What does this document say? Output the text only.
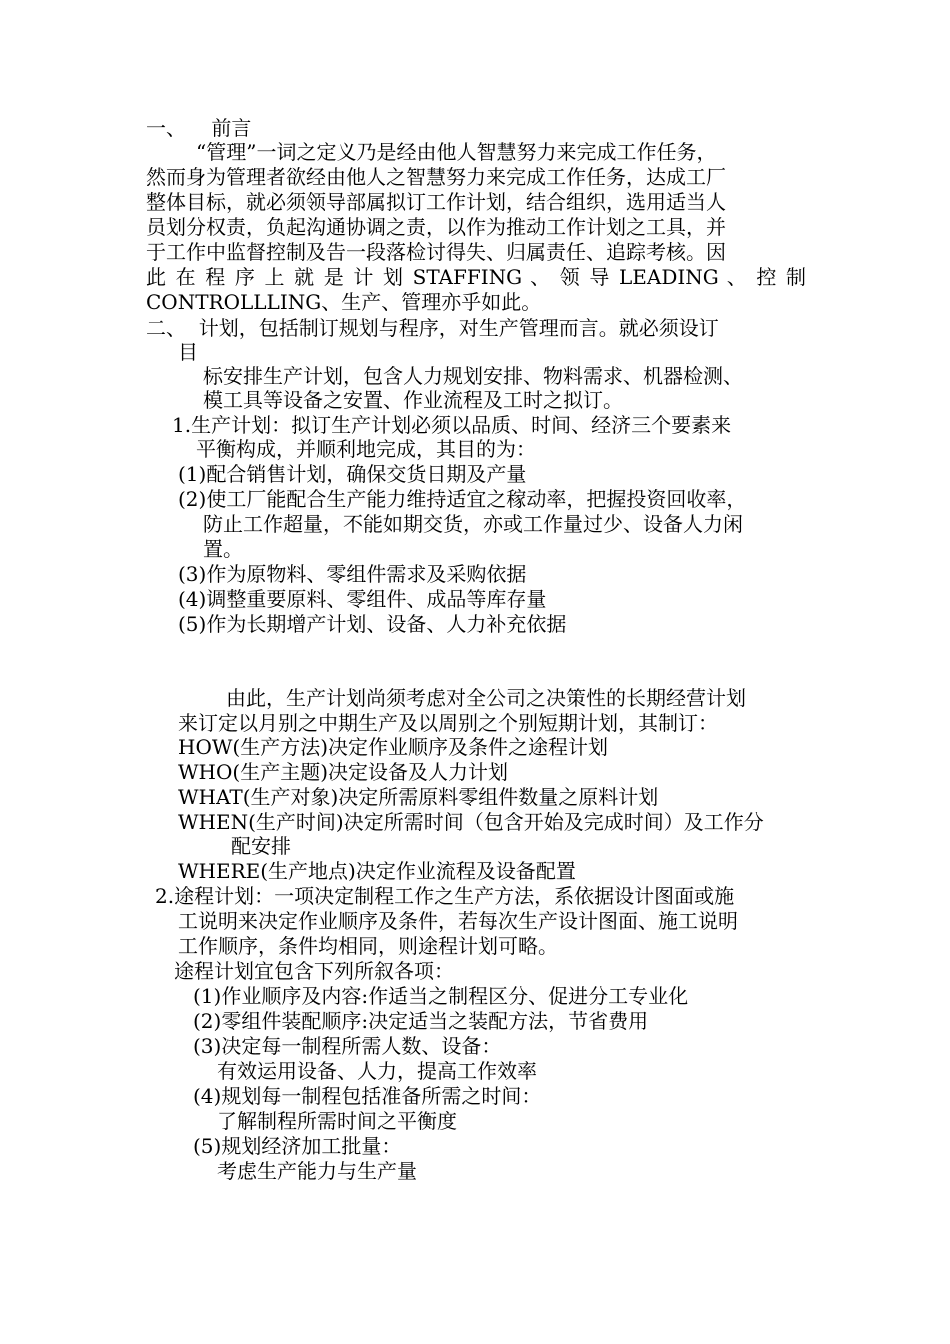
一、    前言
“管理”一词之定义乃是经由他人智慧努力来完成工作任务，
然而身为管理者欲经由他人之智慧努力来完成工作任务，达成工厂
整体目标，就必须领导部属拟订工作计划，结合组织，选用适当人
员划分权责，负起沟通协调之责，以作为推动工作计划之工具，并
于工作中监督控制及告一段落检讨得失、归属责任、追踪考核。因
此 在 程 序 上 就 是 计 划 STAFFING 、 领 导 LEADING 、 控 制
CONTROLLLING、生产、管理亦乎如此。
二、  计划，包括制订规划与程序，对生产管理而言。就必须设订
目
标安排生产计划，包含人力规划安排、物料需求、机器检测、
模工具等设备之安置、作业流程及工时之拟订。
1.生产计划：拟订生产计划必须以品质、时间、经济三个要素来
平衡构成，并顺利地完成，其目的为：
(1)配合销售计划，确保交货日期及产量
(2)使工厂能配合生产能力维持适宜之稼动率，把握投资回收率，
防止工作超量，不能如期交货，亦或工作量过少、设备人力闲
置。
(3)作为原物料、零组件需求及采购依据
(4)调整重要原料、零组件、成品等库存量
(5)作为长期增产计划、设备、人力补充依据
由此，生产计划尚须考虑对全公司之决策性的长期经营计划
来订定以月别之中期生产及以周别之个别短期计划，其制订：
HOW(生产方法)决定作业顺序及条件之途程计划
WHO(生产主题)决定设备及人力计划
WHAT(生产对象)决定所需原料零组件数量之原料计划
WHEN(生产时间)决定所需时间（包含开始及完成时间）及工作分
配安排
WHERE(生产地点)决定作业流程及设备配置
2.途程计划：一项决定制程工作之生产方法，系依据设计图面或施
工说明来决定作业顺序及条件，若每次生产设计图面、施工说明
工作顺序，条件均相同，则途程计划可略。
途程计划宜包含下列所叙各项：
(1)作业顺序及内容:作适当之制程区分、促进分工专业化
(2)零组件装配顺序:决定适当之装配方法，节省费用
(3)决定每一制程所需人数、设备：
有效运用设备、人力，提高工作效率
(4)规划每一制程包括准备所需之时间：
了解制程所需时间之平衡度
(5)规划经济加工批量：
考虑生产能力与生产量
